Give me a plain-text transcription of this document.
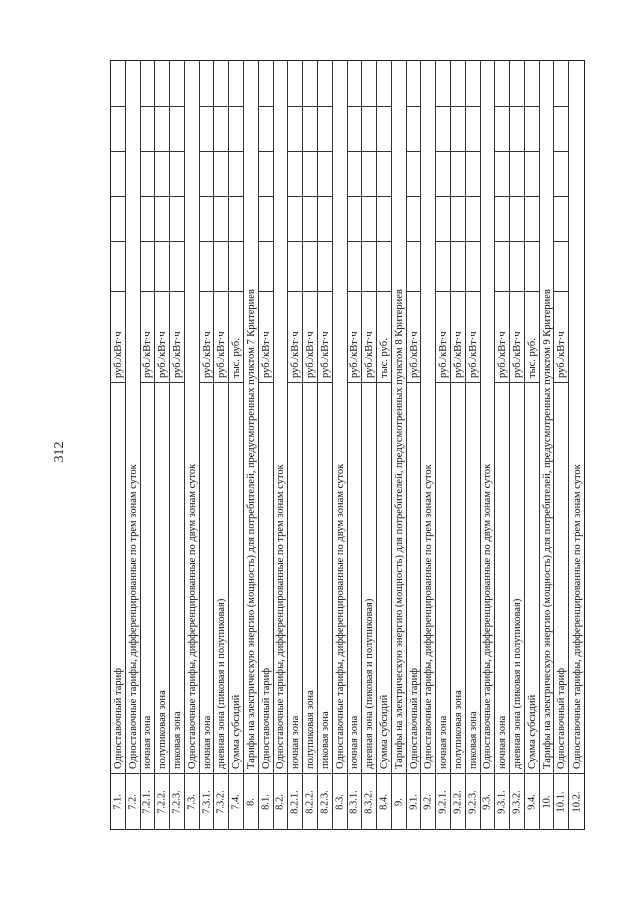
312
7.1.
Одноставочный тариф
руб./кВт·ч
7.2.
Одноставочные тарифы, дифференцированные по трем зонам суток
7.2.1.
ночная зона
руб./кВт·ч
7.2.2.
полупиковая зона
руб./кВт·ч
7.2.3.
пиковая зона
руб./кВт·ч
7.3.
Одноставочные тарифы, дифференцированные по двум зонам суток
7.3.1.
ночная зона
руб./кВт·ч
7.3.2.
дневная зона (пиковая и полупиковая)
руб./кВт·ч
7.4.
Сумма субсидий
тыс. руб.
8.
Тарифы на электрическую энергию (мощность) для потребителей, предусмотренных пунктом 7 Критериев
8.1.
Одноставочный тариф
руб./кВт·ч
8.2.
Одноставочные тарифы, дифференцированные по трем зонам суток
8.2.1.
ночная зона
руб./кВт·ч
8.2.2.
полупиковая зона
руб./кВт·ч
8.2.3.
пиковая зона
руб./кВт·ч
8.3.
Одноставочные тарифы, дифференцированные по двум зонам суток
8.3.1.
ночная зона
руб./кВт·ч
8.3.2.
дневная зона (пиковая и полупиковая)
руб./кВт·ч
8.4.
Сумма субсидий
тыс. руб.
9.
Тарифы на электрическую энергию (мощность) для потребителей, предусмотренных пунктом 8 Критериев
9.1.
Одноставочный тариф
руб./кВт·ч
9.2.
Одноставочные тарифы, дифференцированные по трем зонам суток
9.2.1.
ночная зона
руб./кВт·ч
9.2.2.
полупиковая зона
руб./кВт·ч
9.2.3.
пиковая зона
руб./кВт·ч
9.3.
Одноставочные тарифы, дифференцированные по двум зонам суток
9.3.1.
ночная зона
руб./кВт·ч
9.3.2.
дневная зона (пиковая и полупиковая)
руб./кВт·ч
9.4.
Сумма субсидий
тыс. руб.
10.
Тарифы на электрическую энергию (мощность) для потребителей, предусмотренных пунктом 9 Критериев
10.1.
Одноставочный тариф
руб./кВт·ч
10.2.
Одноставочные тарифы, дифференцированные по трем зонам суток
